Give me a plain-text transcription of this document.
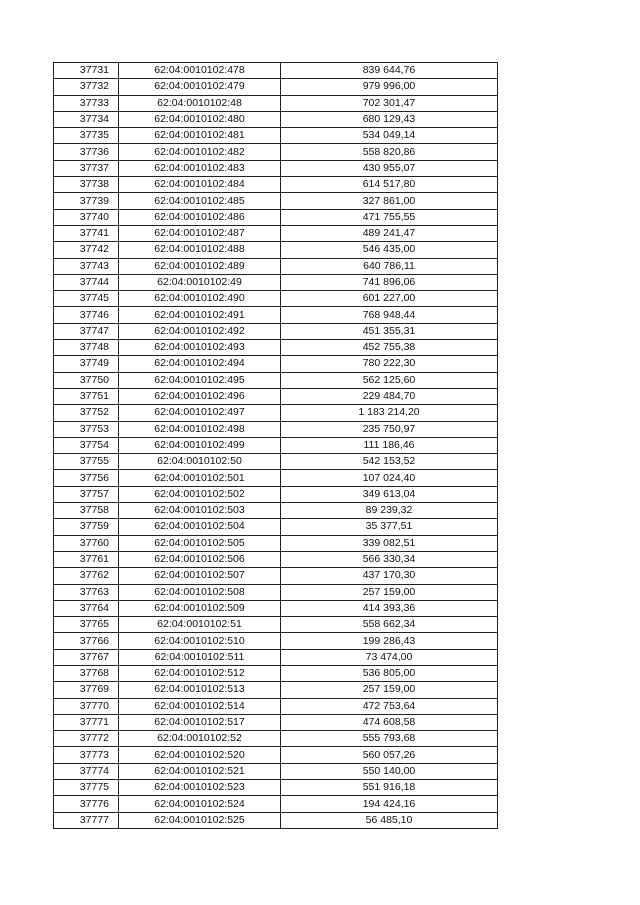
37731	62:04:0010102:478	839 644,76
37732	62:04:0010102:479	979 996,00
37733	62:04:0010102:48	702 301,47
37734	62:04:0010102:480	680 129,43
37735	62:04:0010102:481	534 049,14
37736	62:04:0010102:482	558 820,86
37737	62:04:0010102:483	430 955,07
37738	62:04:0010102:484	614 517,80
37739	62:04:0010102:485	327 861,00
37740	62:04:0010102:486	471 755,55
37741	62:04:0010102:487	489 241,47
37742	62:04:0010102:488	546 435,00
37743	62:04:0010102:489	640 786,11
37744	62:04:0010102:49	741 896,06
37745	62:04:0010102:490	601 227,00
37746	62:04:0010102:491	768 948,44
37747	62:04:0010102:492	451 355,31
37748	62:04:0010102:493	452 755,38
37749	62:04:0010102:494	780 222,30
37750	62:04:0010102:495	562 125,60
37751	62:04:0010102:496	229 484,70
37752	62:04:0010102:497	1 183 214,20
37753	62:04:0010102:498	235 750,97
37754	62:04:0010102:499	111 186,46
37755	62:04:0010102:50	542 153,52
37756	62:04:0010102:501	107 024,40
37757	62:04:0010102:502	349 613,04
37758	62:04:0010102:503	89 239,32
37759	62:04:0010102:504	35 377,51
37760	62:04:0010102:505	339 082,51
37761	62:04:0010102:506	566 330,34
37762	62:04:0010102:507	437 170,30
37763	62:04:0010102:508	257 159,00
37764	62:04:0010102:509	414 393,36
37765	62:04:0010102:51	558 662,34
37766	62:04:0010102:510	199 286,43
37767	62:04:0010102:511	73 474,00
37768	62:04:0010102:512	536 805,00
37769	62:04:0010102:513	257 159,00
37770	62:04:0010102:514	472 753,64
37771	62:04:0010102:517	474 608,58
37772	62:04:0010102:52	555 793,68
37773	62:04:0010102:520	560 057,26
37774	62:04:0010102:521	550 140,00
37775	62:04:0010102:523	551 916,18
37776	62:04:0010102:524	194 424,16
37777	62:04:0010102:525	56 485,10
